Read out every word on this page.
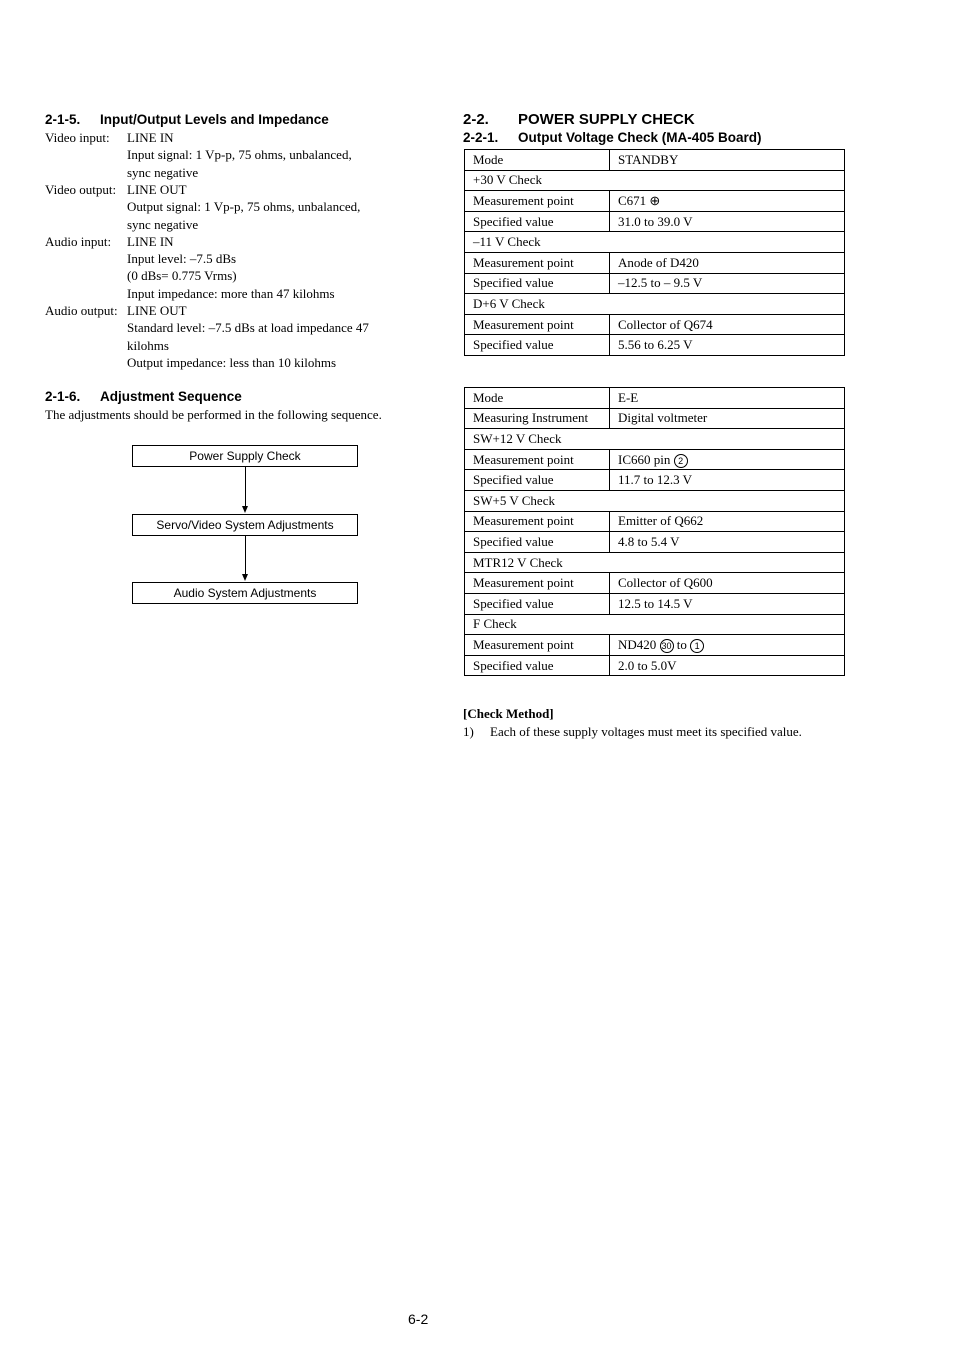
2-1-5. Input/Output Levels and Impedance
Video input: LINE IN
Input signal: 1 Vp-p, 75 ohms, unbalanced,
sync negative
Video output: LINE OUT
Output signal: 1 Vp-p, 75 ohms, unbalanced,
sync negative
Audio input: LINE IN
Input level: –7.5 dBs
(0 dBs= 0.775 Vrms)
Input impedance: more than 47 kilohms
Audio output: LINE OUT
Standard level: –7.5 dBs at load impedance 47
kilohms
Output impedance: less than 10 kilohms
2-1-6. Adjustment Sequence
The adjustments should be performed in the following sequence.
Power Supply Check
Servo/Video System Adjustments
Audio System Adjustments
2-2. POWER SUPPLY CHECK
2-2-1. Output Voltage Check (MA-405 Board)
Mode	STANDBY
+30 V Check	
Measurement point	C671 ⊕
Specified value	31.0 to 39.0 V
–11 V Check	
Measurement point	Anode of D420
Specified value	–12.5 to – 9.5 V
D+6 V Check	
Measurement point	Collector of Q674
Specified value	5.56 to 6.25 V
Mode	E-E
Measuring Instrument	Digital voltmeter
SW+12 V Check	
Measurement point	IC660 pin 2
Specified value	11.7 to 12.3 V
SW+5 V Check	
Measurement point	Emitter of Q662
Specified value	4.8 to 5.4 V
MTR12 V Check	
Measurement point	Collector of Q600
Specified value	12.5 to 14.5 V
F Check	
Measurement point	ND420 30 to 1
Specified value	2.0 to 5.0V
[Check Method]
1) Each of these supply voltages must meet its specified value.
6-2
